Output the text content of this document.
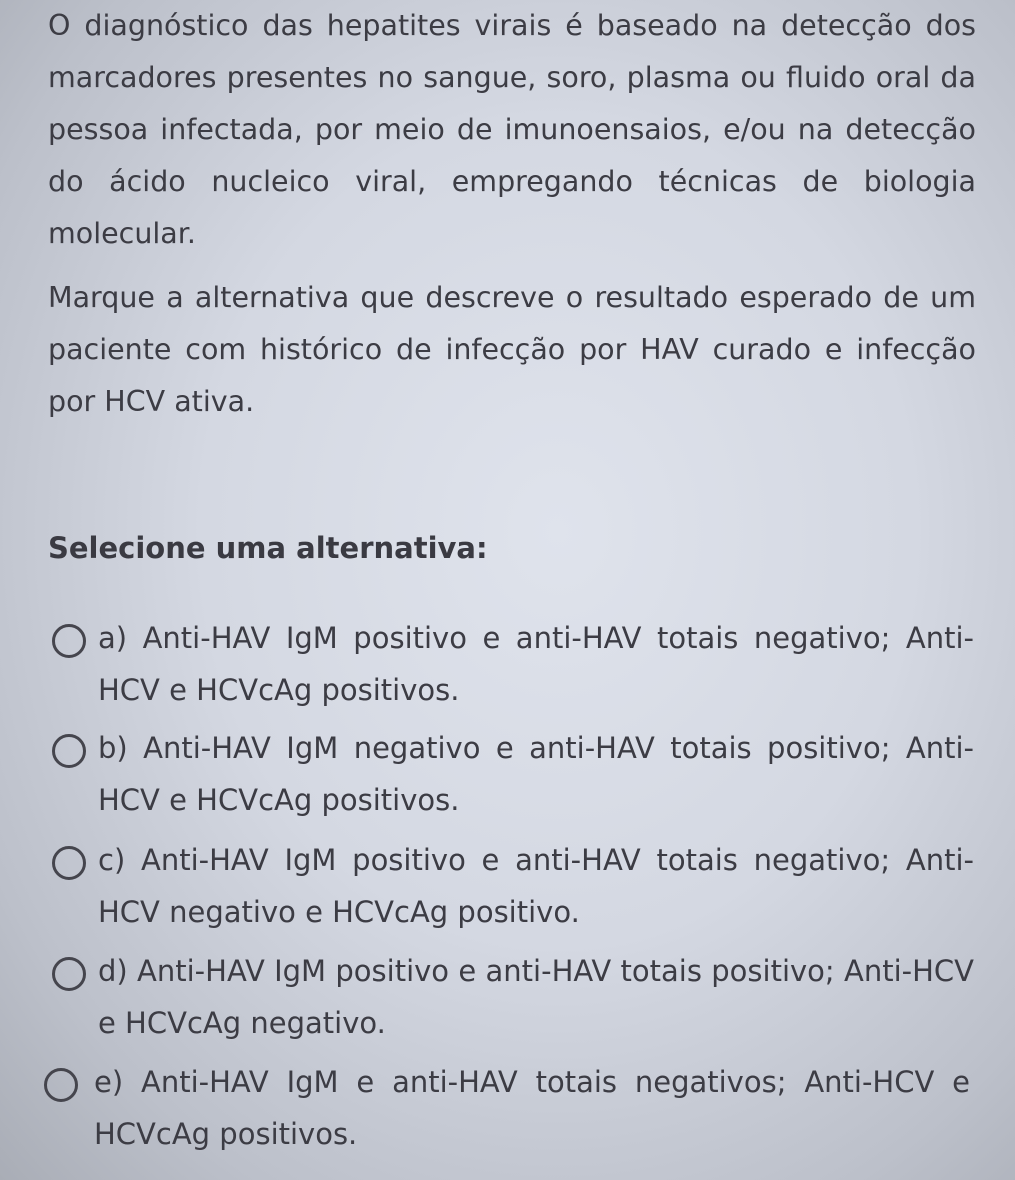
O diagnóstico das hepatites virais é baseado na detecção dos marcadores presentes no sangue, soro, plasma ou fluido oral da pessoa infectada, por meio de imunoensaios, e/ou na detecção do ácido nucleico viral, empregando técnicas de biologia molecular.

Marque a alternativa que descreve o resultado esperado de um paciente com histórico de infecção por HAV curado e infecção por HCV ativa.

Selecione uma alternativa:

a) Anti-HAV IgM positivo e anti-HAV totais negativo; Anti-HCV e HCVcAg positivos.

b) Anti-HAV IgM negativo e anti-HAV totais positivo; Anti-HCV e HCVcAg positivos.

c) Anti-HAV IgM positivo e anti-HAV totais negativo; Anti-HCV negativo e HCVcAg positivo.

d) Anti-HAV IgM positivo e anti-HAV totais positivo; Anti-HCV e HCVcAg negativo.

e) Anti-HAV IgM e anti-HAV totais negativos; Anti-HCV e HCVcAg positivos.
